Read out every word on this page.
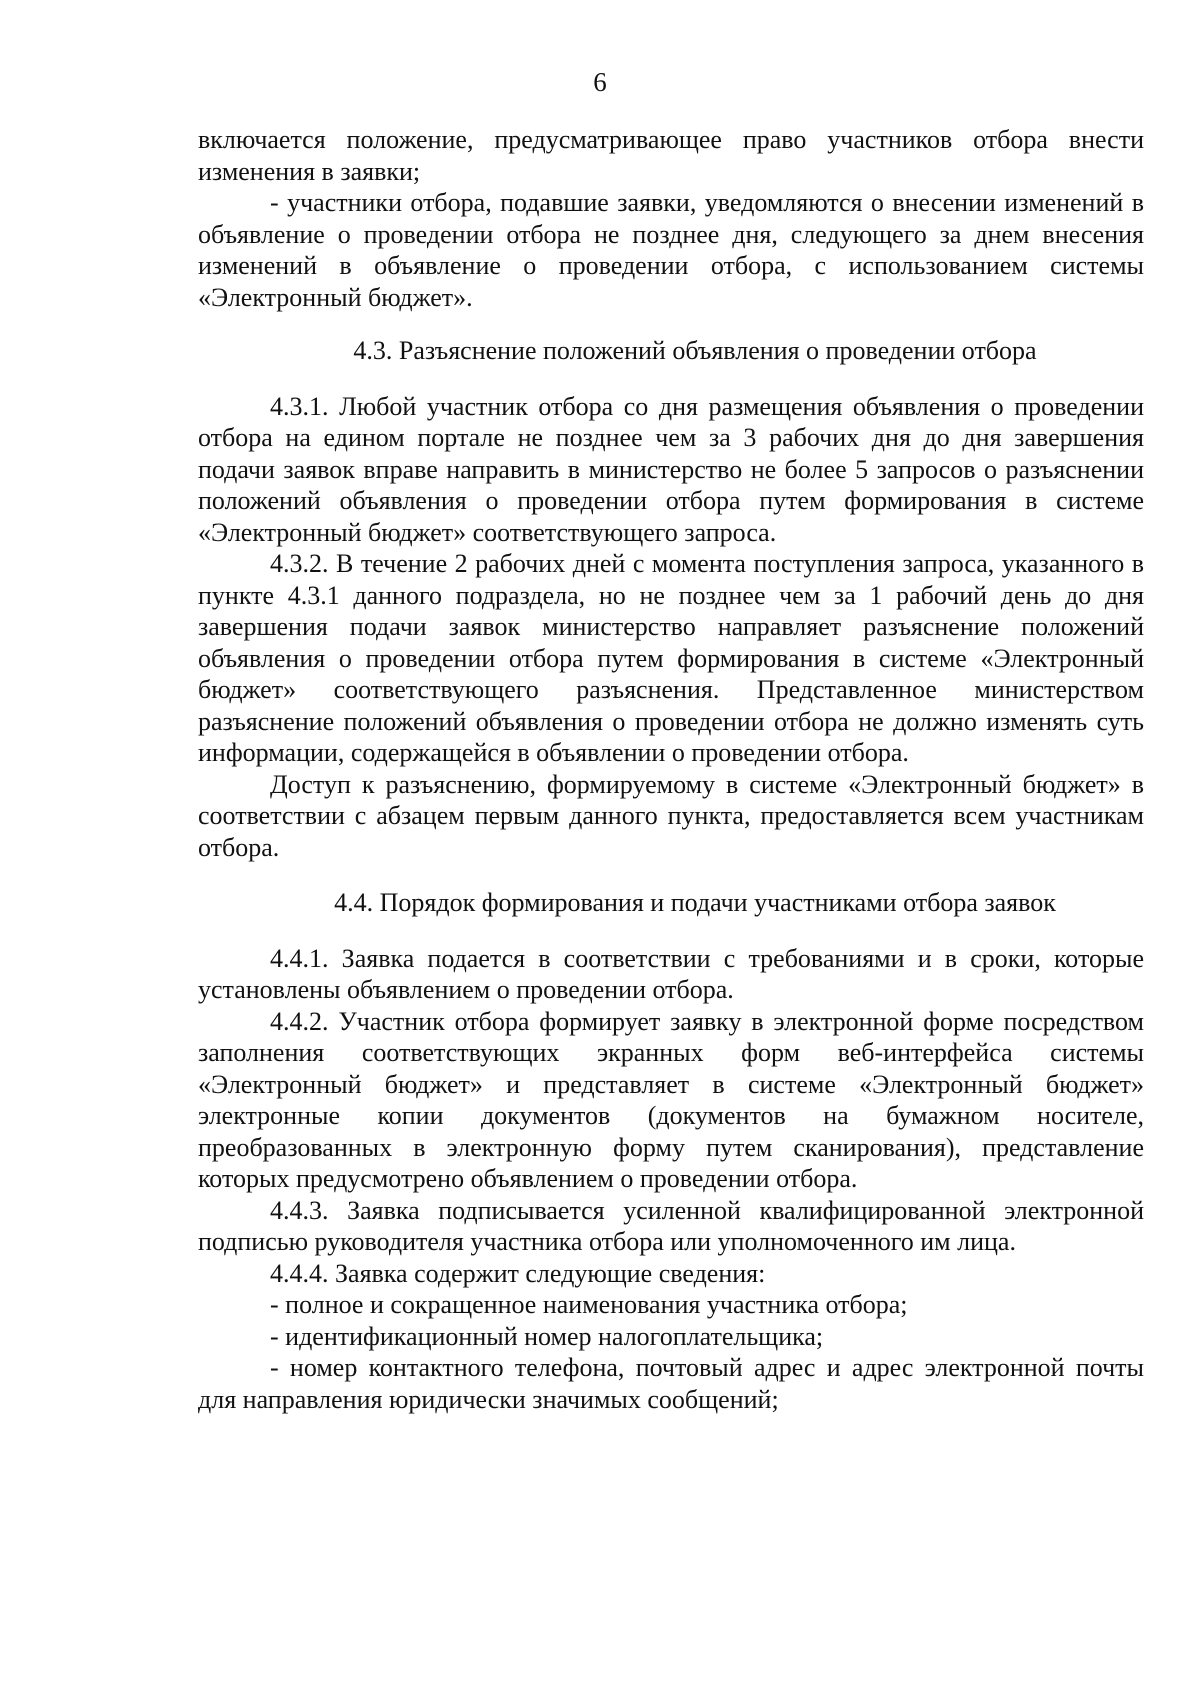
6

включается положение, предусматривающее право участников отбора внести изменения в заявки;

- участники отбора, подавшие заявки, уведомляются о внесении изменений в объявление о проведении отбора не позднее дня, следующего за днем внесения изменений в объявление о проведении отбора, с использованием системы «Электронный бюджет».

4.3. Разъяснение положений объявления о проведении отбора

4.3.1. Любой участник отбора со дня размещения объявления о проведении отбора на едином портале не позднее чем за 3 рабочих дня до дня завершения подачи заявок вправе направить в министерство не более 5 запросов о разъяснении положений объявления о проведении отбора путем формирования в системе «Электронный бюджет» соответствующего запроса.

4.3.2. В течение 2 рабочих дней с момента поступления запроса, указанного в пункте 4.3.1 данного подраздела, но не позднее чем за 1 рабочий день до дня завершения подачи заявок министерство направляет разъяснение положений объявления о проведении отбора путем формирования в системе «Электронный бюджет» соответствующего разъяснения. Представленное министерством разъяснение положений объявления о проведении отбора не должно изменять суть информации, содержащейся в объявлении о проведении отбора.

Доступ к разъяснению, формируемому в системе «Электронный бюджет» в соответствии с абзацем первым данного пункта, предоставляется всем участникам отбора.

4.4. Порядок формирования и подачи участниками отбора заявок

4.4.1. Заявка подается в соответствии с требованиями и в сроки, которые установлены объявлением о проведении отбора.

4.4.2. Участник отбора формирует заявку в электронной форме посредством заполнения соответствующих экранных форм веб-интерфейса системы «Электронный бюджет» и представляет в системе «Электронный бюджет» электронные копии документов (документов на бумажном носителе, преобразованных в электронную форму путем сканирования), представление которых предусмотрено объявлением о проведении отбора.

4.4.3. Заявка подписывается усиленной квалифицированной электронной подписью руководителя участника отбора или уполномоченного им лица.

4.4.4. Заявка содержит следующие сведения:

- полное и сокращенное наименования участника отбора;

- идентификационный номер налогоплательщика;

- номер контактного телефона, почтовый адрес и адрес электронной почты для направления юридически значимых сообщений;
